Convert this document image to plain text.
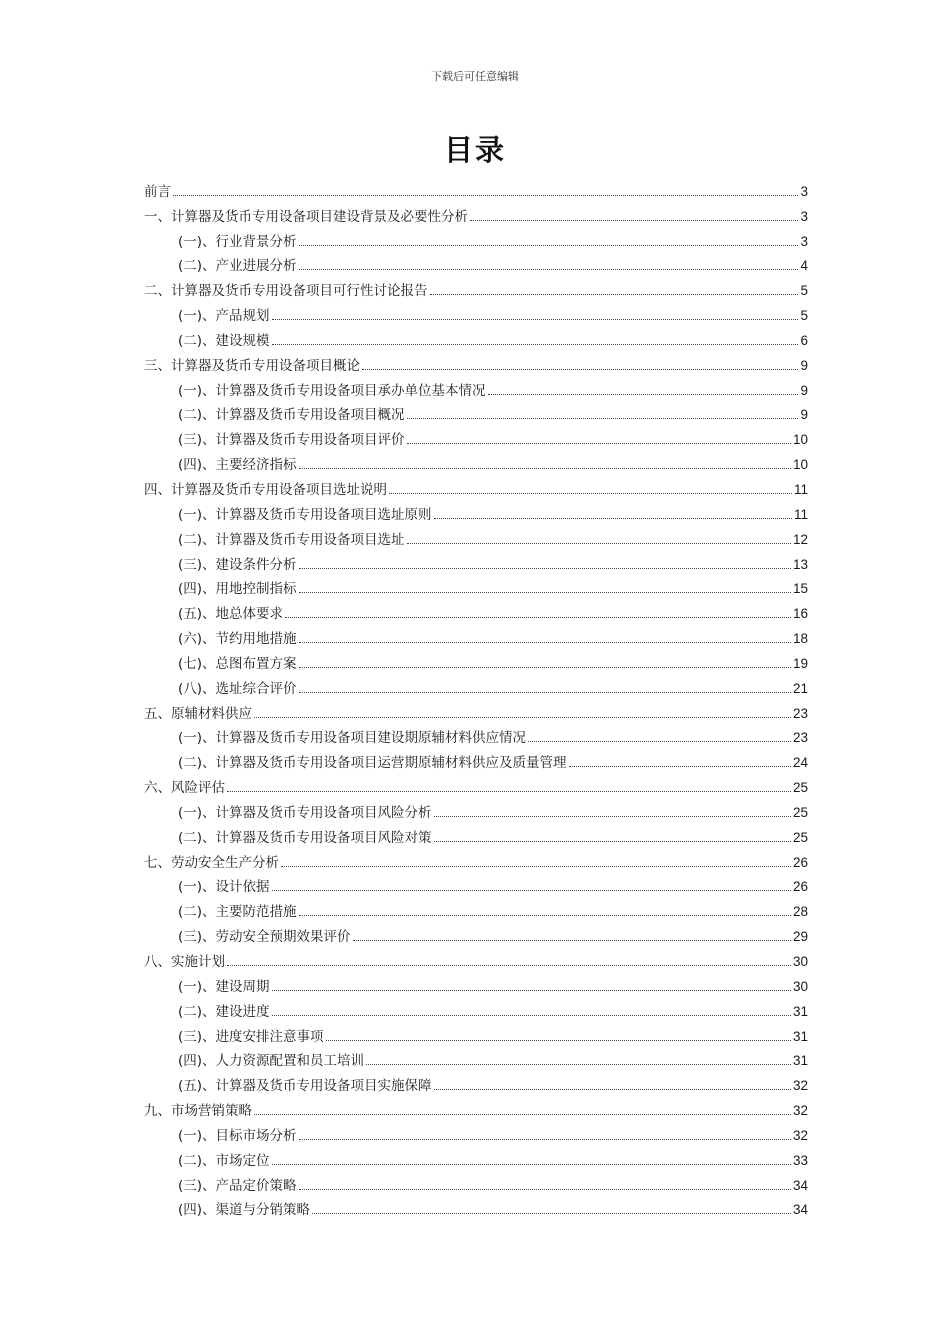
下载后可任意编辑
目录
前言	3
一、计算器及货币专用设备项目建设背景及必要性分析	3
(一)、行业背景分析	3
(二)、产业进展分析	4
二、计算器及货币专用设备项目可行性讨论报告	5
(一)、产品规划	5
(二)、建设规模	6
三、计算器及货币专用设备项目概论	9
(一)、计算器及货币专用设备项目承办单位基本情况	9
(二)、计算器及货币专用设备项目概况	9
(三)、计算器及货币专用设备项目评价	10
(四)、主要经济指标	10
四、计算器及货币专用设备项目选址说明	11
(一)、计算器及货币专用设备项目选址原则	11
(二)、计算器及货币专用设备项目选址	12
(三)、建设条件分析	13
(四)、用地控制指标	15
(五)、地总体要求	16
(六)、节约用地措施	18
(七)、总图布置方案	19
(八)、选址综合评价	21
五、原辅材料供应	23
(一)、计算器及货币专用设备项目建设期原辅材料供应情况	23
(二)、计算器及货币专用设备项目运营期原辅材料供应及质量管理	24
六、风险评估	25
(一)、计算器及货币专用设备项目风险分析	25
(二)、计算器及货币专用设备项目风险对策	25
七、劳动安全生产分析	26
(一)、设计依据	26
(二)、主要防范措施	28
(三)、劳动安全预期效果评价	29
八、实施计划	30
(一)、建设周期	30
(二)、建设进度	31
(三)、进度安排注意事项	31
(四)、人力资源配置和员工培训	31
(五)、计算器及货币专用设备项目实施保障	32
九、市场营销策略	32
(一)、目标市场分析	32
(二)、市场定位	33
(三)、产品定价策略	34
(四)、渠道与分销策略	34
